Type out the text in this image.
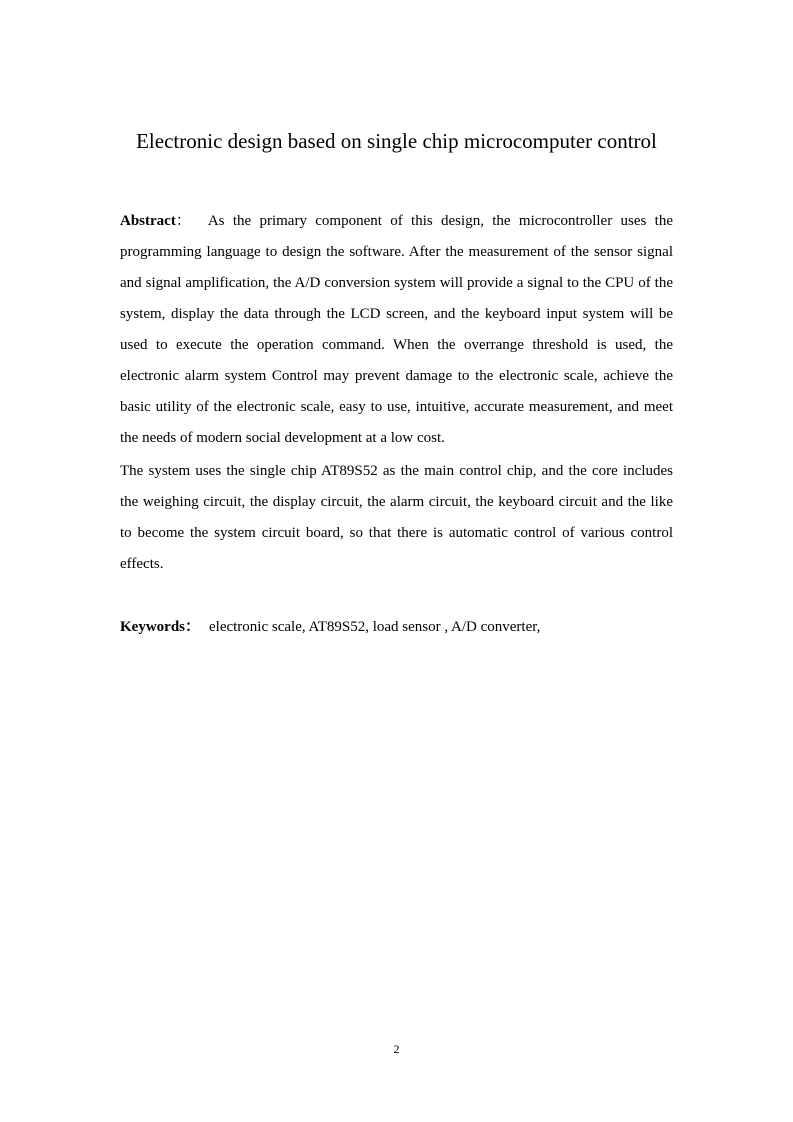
Electronic design based on single chip microcomputer control
Abstract： As the primary component of this design, the microcontroller uses the programming language to design the software. After the measurement of the sensor signal and signal amplification, the A/D conversion system will provide a signal to the CPU of the system, display the data through the LCD screen, and the keyboard input system will be used to execute the operation command. When the overrange threshold is used, the electronic alarm system Control may prevent damage to the electronic scale, achieve the basic utility of the electronic scale, easy to use, intuitive, accurate measurement, and meet the needs of modern social development at a low cost.
The system uses the single chip AT89S52 as the main control chip, and the core includes the weighing circuit, the display circuit, the alarm circuit, the keyboard circuit and the like to become the system circuit board, so that there is automatic control of various control effects.
Keywords： electronic scale, AT89S52, load sensor , A/D converter,
2
